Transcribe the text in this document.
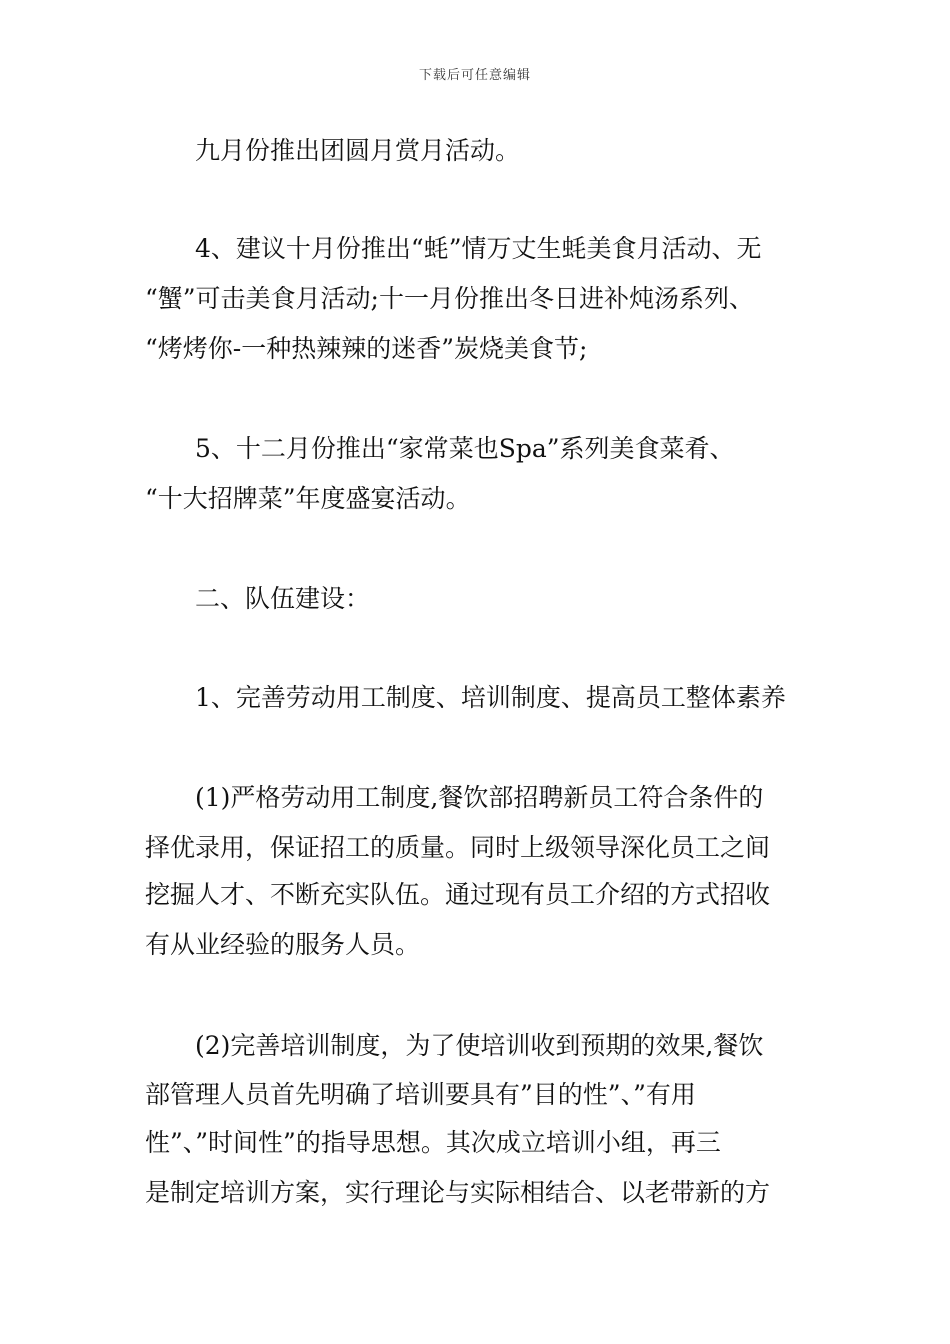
下载后可任意编辑
　　九月份推出团圆月赏月活动。
　　4、建议十月份推出“蚝”情万丈生蚝美食月活动、无
“蟹”可击美食月活动;十一月份推出冬日进补炖汤系列、
“烤烤你-一种热辣辣的迷香”炭烧美食节;
　　5、十二月份推出“家常菜也Spa”系列美食菜肴、
“十大招牌菜”年度盛宴活动。
　　二、队伍建设：
　　1、完善劳动用工制度、培训制度、提高员工整体素养
　　(1)严格劳动用工制度,餐饮部招聘新员工符合条件的
择优录用，保证招工的质量。同时上级领导深化员工之间
挖掘人才、不断充实队伍。通过现有员工介绍的方式招收
有从业经验的服务人员。
　　(2)完善培训制度，为了使培训收到预期的效果,餐饮
部管理人员首先明确了培训要具有”目的性”、”有用
性”、”时间性”的指导思想。其次成立培训小组，再三
是制定培训方案，实行理论与实际相结合、以老带新的方
